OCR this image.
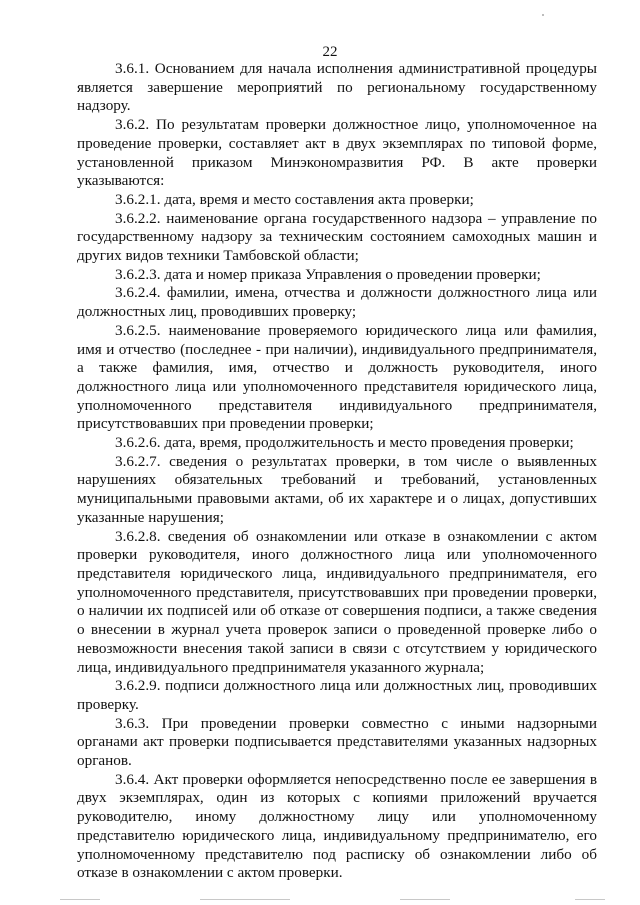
22

3.6.1. Основанием для начала исполнения административной процедуры является завершение мероприятий по региональному государственному надзору.

3.6.2. По результатам проверки должностное лицо, уполномоченное на проведение проверки, составляет акт в двух экземплярах по типовой форме, установленной приказом Минэкономразвития РФ. В акте проверки указываются:

3.6.2.1. дата, время и место составления акта проверки;

3.6.2.2. наименование органа государственного надзора – управление по государственному надзору за техническим состоянием самоходных машин и других видов техники Тамбовской области;

3.6.2.3. дата и номер приказа Управления о проведении проверки;

3.6.2.4. фамилии, имена, отчества и должности должностного лица или должностных лиц, проводивших проверку;

3.6.2.5. наименование проверяемого юридического лица или фамилия, имя и отчество (последнее - при наличии), индивидуального предпринимателя, а также фамилия, имя, отчество и должность руководителя, иного должностного лица или уполномоченного представителя юридического лица, уполномоченного представителя индивидуального предпринимателя, присутствовавших при проведении проверки;

3.6.2.6. дата, время, продолжительность и место проведения проверки;

3.6.2.7. сведения о результатах проверки, в том числе о выявленных нарушениях обязательных требований и требований, установленных муниципальными правовыми актами, об их характере и о лицах, допустивших указанные нарушения;

3.6.2.8. сведения об ознакомлении или отказе в ознакомлении с актом проверки руководителя, иного должностного лица или уполномоченного представителя юридического лица, индивидуального предпринимателя, его уполномоченного представителя, присутствовавших при проведении проверки, о наличии их подписей или об отказе от совершения подписи, а также сведения о внесении в журнал учета проверок записи о проведенной проверке либо о невозможности внесения такой записи в связи с отсутствием у юридического лица, индивидуального предпринимателя указанного журнала;

3.6.2.9. подписи должностного лица или должностных лиц, проводивших проверку.

3.6.3. При проведении проверки совместно с иными надзорными органами акт проверки подписывается представителями указанных надзорных органов.

3.6.4. Акт проверки оформляется непосредственно после ее завершения в двух экземплярах, один из которых с копиями приложений вручается руководителю, иному должностному лицу или уполномоченному представителю юридического лица, индивидуальному предпринимателю, его уполномоченному представителю под расписку об ознакомлении либо об отказе в ознакомлении с актом проверки.
